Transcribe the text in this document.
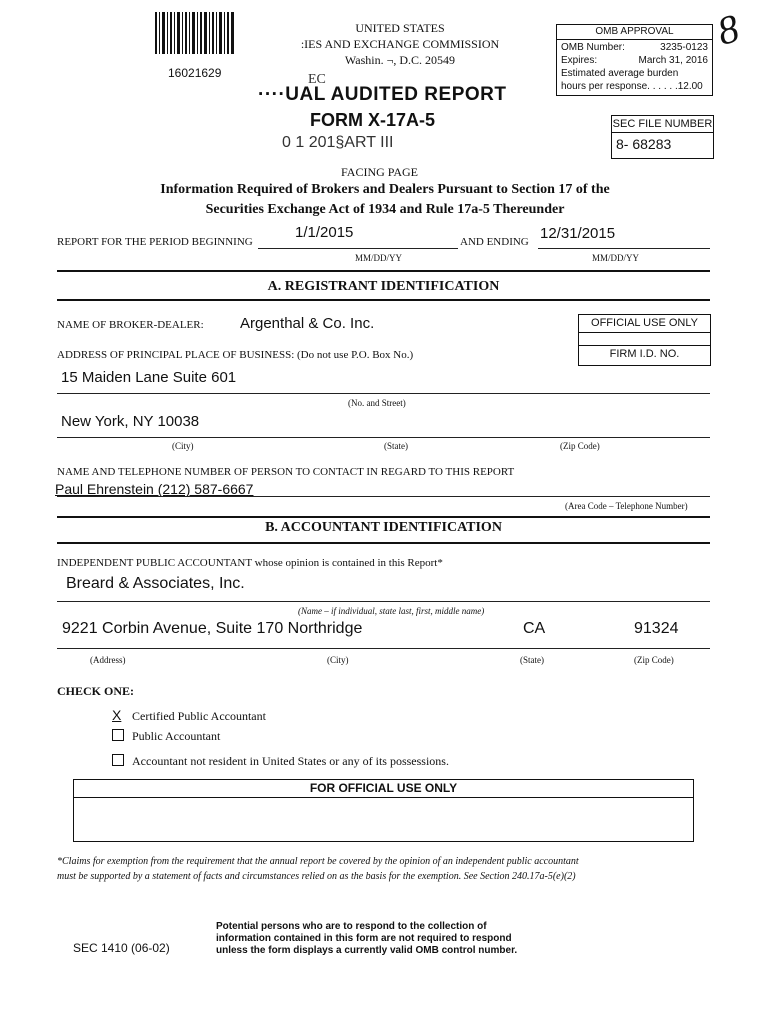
16021629
UNITED STATES
:IES AND EXCHANGE COMMISSION
Washin. ¬, D.C. 20549
OMB APPROVAL
OMB Number:	3235-0123
Expires:	March 31, 2016
Estimated average burden
hours per response. . . . . .12.00
8
EC
····UAL AUDITED REPORT
FORM X-17A-5
0 1 201§ART III
FACING PAGE
SEC FILE NUMBER
8- 68283
Information Required of Brokers and Dealers Pursuant to Section 17 of the
Securities Exchange Act of 1934 and Rule 17a-5 Thereunder
REPORT FOR THE PERIOD BEGINNING
1/1/2015
AND ENDING 12/31/2015
MM/DD/YY	MM/DD/YY
A. REGISTRANT IDENTIFICATION
NAME OF BROKER-DEALER: Argenthal & Co. Inc.	OFFICIAL USE ONLY
FIRM I.D. NO.
ADDRESS OF PRINCIPAL PLACE OF BUSINESS: (Do not use P.O. Box No.)
15 Maiden Lane Suite 601
(No. and Street)
New York, NY 10038
(City)	(State)	(Zip Code)
NAME AND TELEPHONE NUMBER OF PERSON TO CONTACT IN REGARD TO THIS REPORT
Paul Ehrenstein (212) 587-6667
(Area Code – Telephone Number)
B. ACCOUNTANT IDENTIFICATION
INDEPENDENT PUBLIC ACCOUNTANT whose opinion is contained in this Report*
Breard & Associates, Inc.
(Name – if individual, state last, first, middle name)
9221 Corbin Avenue, Suite 170 Northridge	CA	91324
(Address)	(City)	(State)	(Zip Code)
CHECK ONE:
X Certified Public Accountant
Public Accountant
Accountant not resident in United States or any of its possessions.
FOR OFFICIAL USE ONLY
*Claims for exemption from the requirement that the annual report be covered by the opinion of an independent public accountant
must be supported by a statement of facts and circumstances relied on as the basis for the exemption. See Section 240.17a-5(e)(2)
SEC 1410 (06-02)
Potential persons who are to respond to the collection of
information contained in this form are not required to respond
unless the form displays a currently valid OMB control number.
